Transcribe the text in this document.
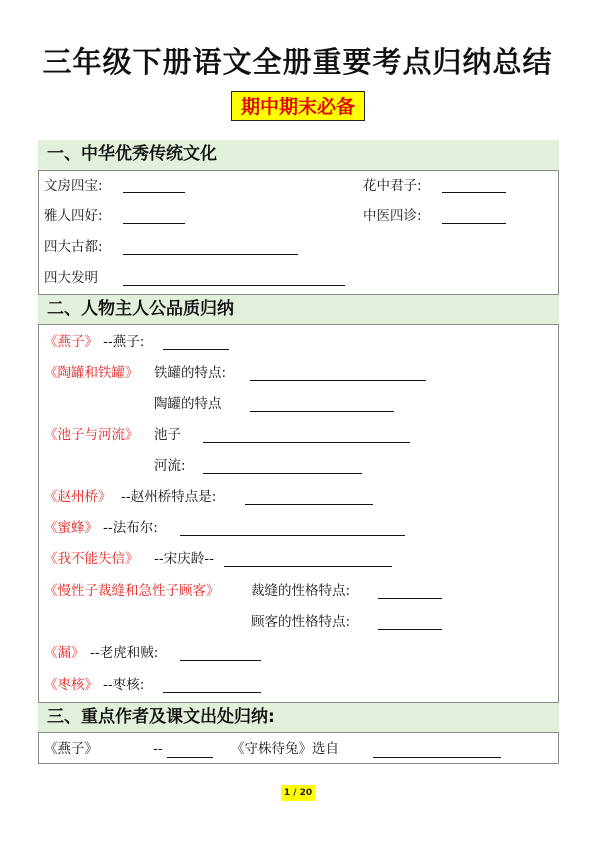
三年级下册语文全册重要考点归纳总结
期中期末必备
一、中华优秀传统文化
文房四宝:	花中君子:
雅人四好:	中医四诊:
四大古都:
四大发明
二、人物主人公品质归纳
《燕子》 --燕子:
《陶罐和铁罐》 铁罐的特点:
陶罐的特点
《池子与河流》 池子
河流:
《赵州桥》 --赵州桥特点是:
《蜜蜂》 --法布尔:
《我不能失信》 --宋庆龄--
《慢性子裁缝和急性子顾客》 裁缝的性格特点:
顾客的性格特点:
《漏》 --老虎和贼:
《枣核》 --枣核:
三、重点作者及课文出处归纳:
《燕子》	--	《守株待兔》选自
1 / 20
